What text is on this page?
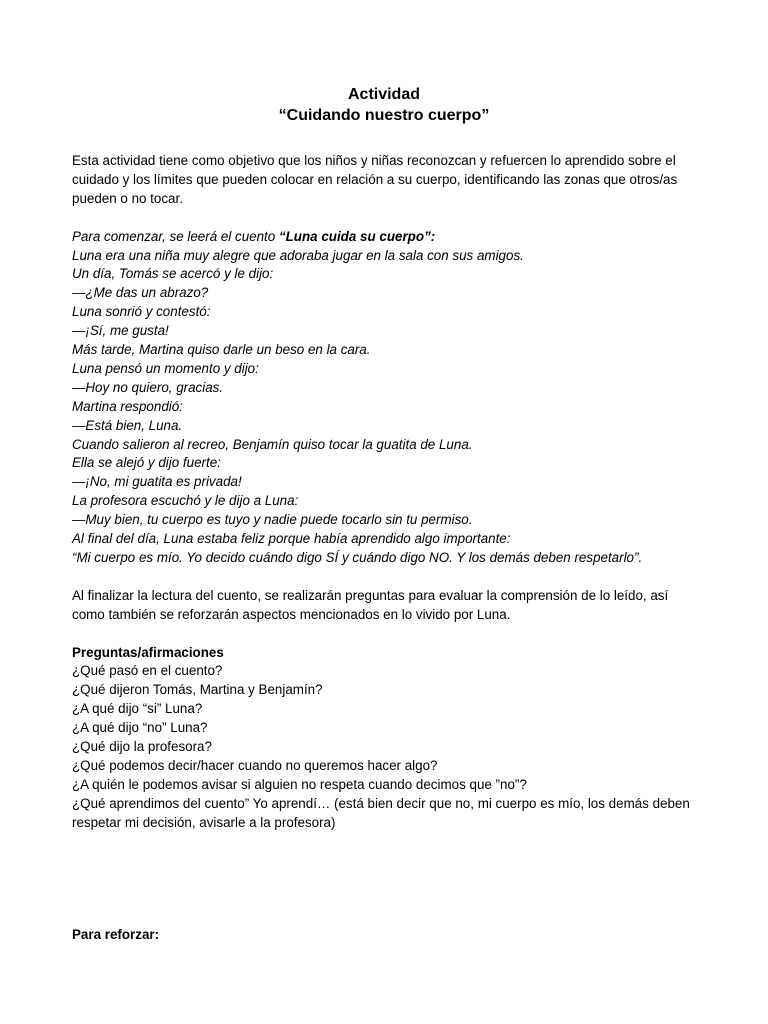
Actividad
“Cuidando nuestro cuerpo”

Esta actividad tiene como objetivo que los niños y niñas reconozcan y refuercen lo aprendido sobre el cuidado y los límites que pueden colocar en relación a su cuerpo, identificando las zonas que otros/as pueden o no tocar.

Para comenzar, se leerá el cuento “Luna cuida su cuerpo”:
Luna era una niña muy alegre que adoraba jugar en la sala con sus amigos.
Un día, Tomás se acercó y le dijo:
—¿Me das un abrazo?
Luna sonrió y contestó:
—¡Sí, me gusta!
Más tarde, Martina quiso darle un beso en la cara.
Luna pensó un momento y dijo:
—Hoy no quiero, gracias.
Martina respondió:
—Está bien, Luna.
Cuando salieron al recreo, Benjamín quiso tocar la guatita de Luna.
Ella se alejó y dijo fuerte:
—¡No, mi guatita es privada!
La profesora escuchó y le dijo a Luna:
—Muy bien, tu cuerpo es tuyo y nadie puede tocarlo sin tu permiso.
Al final del día, Luna estaba feliz porque había aprendido algo importante:
“Mi cuerpo es mío. Yo decido cuándo digo SÍ y cuándo digo NO. Y los demás deben respetarlo”.

Al finalizar la lectura del cuento, se realizarán preguntas para evaluar la comprensión de lo leído, así como también se reforzarán aspectos mencionados en lo vivido por Luna.

Preguntas/afirmaciones
¿Qué pasó en el cuento?
¿Qué dijeron Tomás, Martina y Benjamín?
¿A qué dijo “si” Luna?
¿A qué dijo “no” Luna?
¿Qué dijo la profesora?
¿Qué podemos decir/hacer cuando no queremos hacer algo?
¿A quién le podemos avisar si alguien no respeta cuando decimos que ”no”?
¿Qué aprendimos del cuento” Yo aprendí… (está bien decir que no, mi cuerpo es mío, los demás deben respetar mi decisión, avisarle a la profesora)
Para reforzar:
